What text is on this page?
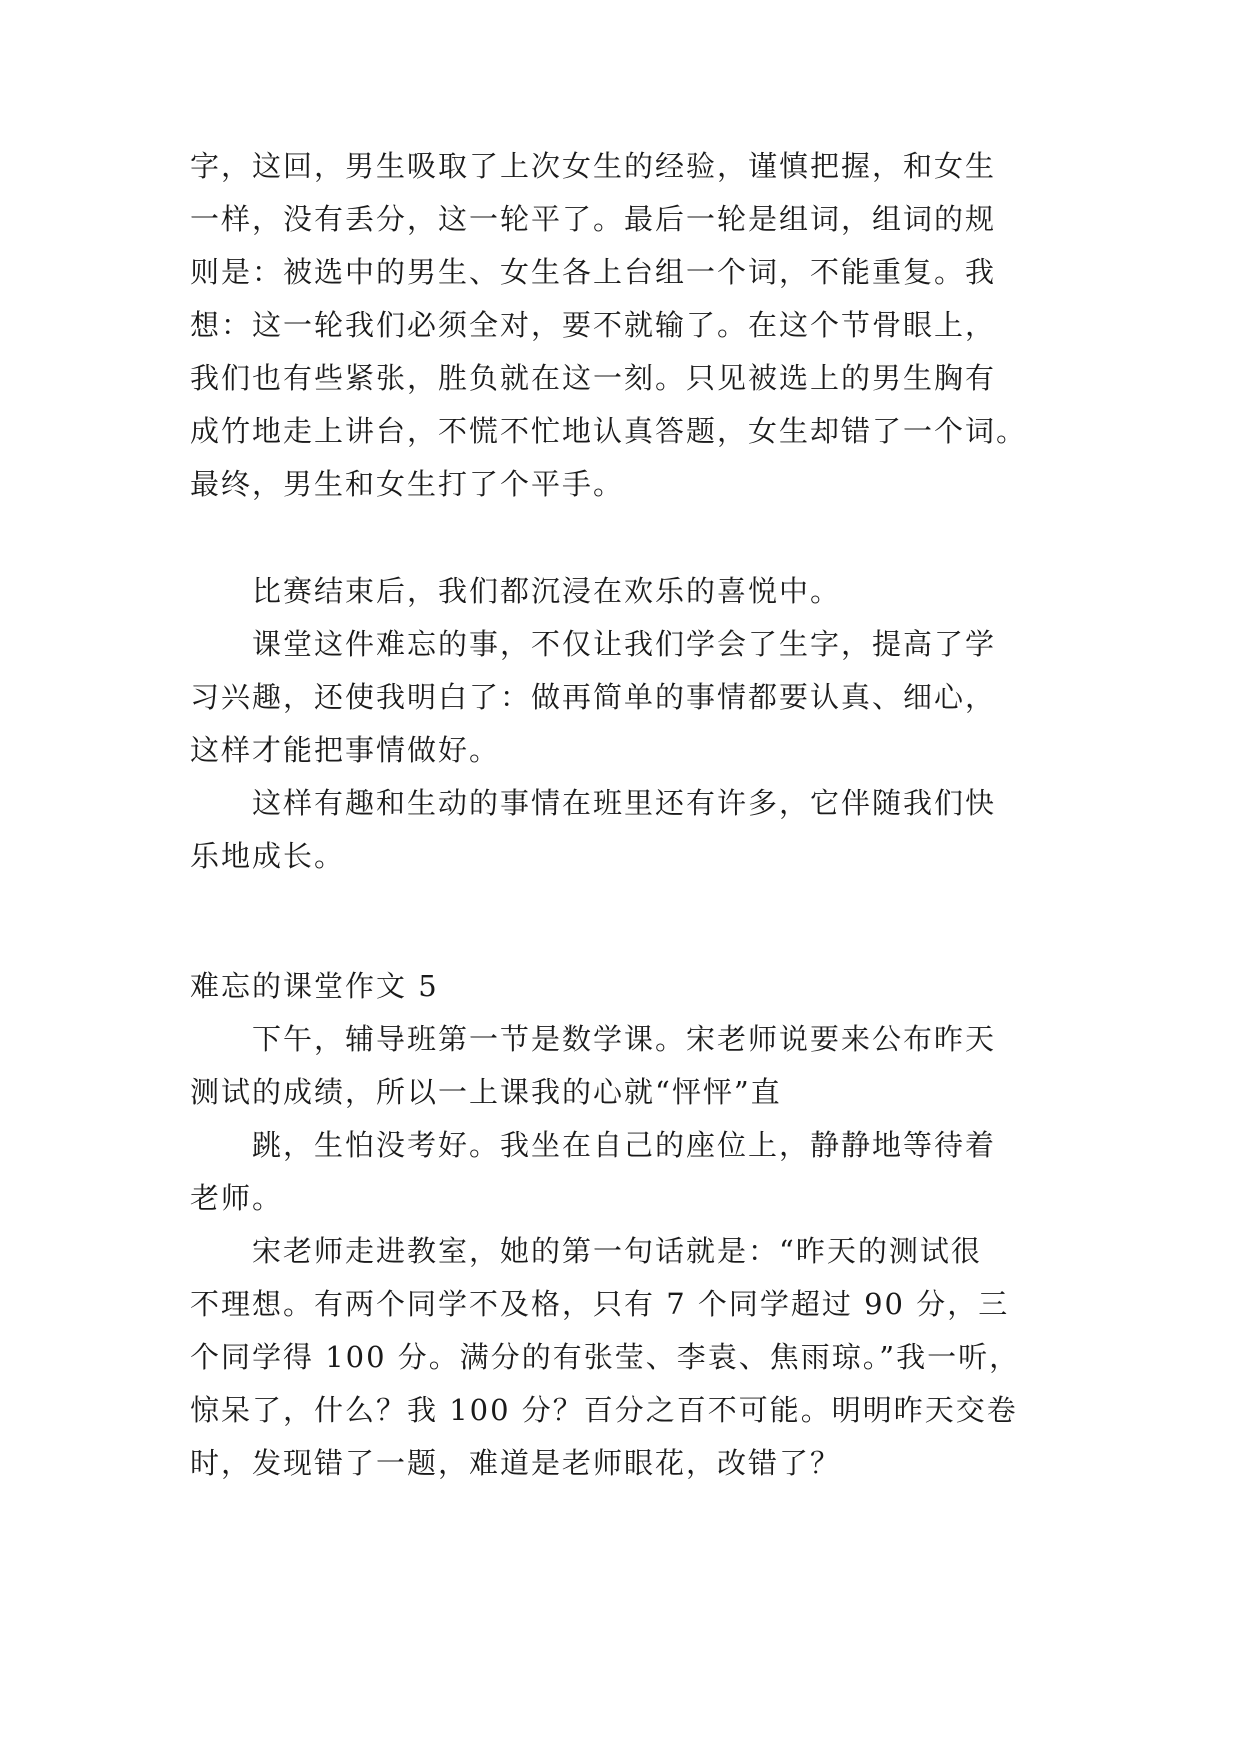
字，这回，男生吸取了上次女生的经验，谨慎把握，和女生
一样，没有丢分，这一轮平了。最后一轮是组词，组词的规
则是：被选中的男生、女生各上台组一个词，不能重复。我
想：这一轮我们必须全对，要不就输了。在这个节骨眼上，
我们也有些紧张，胜负就在这一刻。只见被选上的男生胸有
成竹地走上讲台，不慌不忙地认真答题，女生却错了一个词。
最终，男生和女生打了个平手。
比赛结束后，我们都沉浸在欢乐的喜悦中。
课堂这件难忘的事，不仅让我们学会了生字，提高了学
习兴趣，还使我明白了：做再简单的事情都要认真、细心，
这样才能把事情做好。
这样有趣和生动的事情在班里还有许多，它伴随我们快
乐地成长。
难忘的课堂作文 5
下午，辅导班第一节是数学课。宋老师说要来公布昨天
测试的成绩，所以一上课我的心就“怦怦”直
跳，生怕没考好。我坐在自己的座位上，静静地等待着
老师。
宋老师走进教室，她的第一句话就是：“昨天的测试很
不理想。有两个同学不及格，只有 7 个同学超过 90 分，三
个同学得 100 分。满分的有张莹、李袁、焦雨琼。”我一听，
惊呆了，什么？我 100 分？百分之百不可能。明明昨天交卷
时，发现错了一题，难道是老师眼花，改错了？
